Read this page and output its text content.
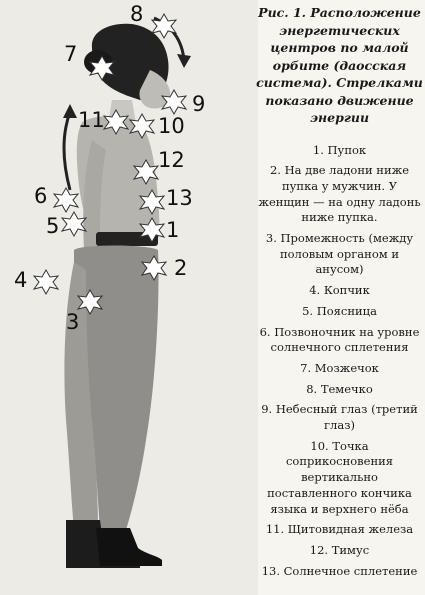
8
7
9
11	10
12
6	13
5	1
2
4
3

Рис. 1. Расположение энергетических центров по малой орбите (даосская система). Стрелками показано движение энергии

1. Пупок
2. На две ладони ниже пупка у мужчин. У женщин — на одну ладонь ниже пупка.
3. Промежность (между половым органом и анусом)
4. Копчик
5. Поясница
6. Позвоночник на уровне солнечного сплетения
7. Мозжечок
8. Темечко
9. Небесный глаз (третий глаз)
10. Точка соприкосновения вертикально поставленного кончика языка и верхнего нёба
11. Щитовидная железа
12. Тимус
13. Солнечное сплетение
